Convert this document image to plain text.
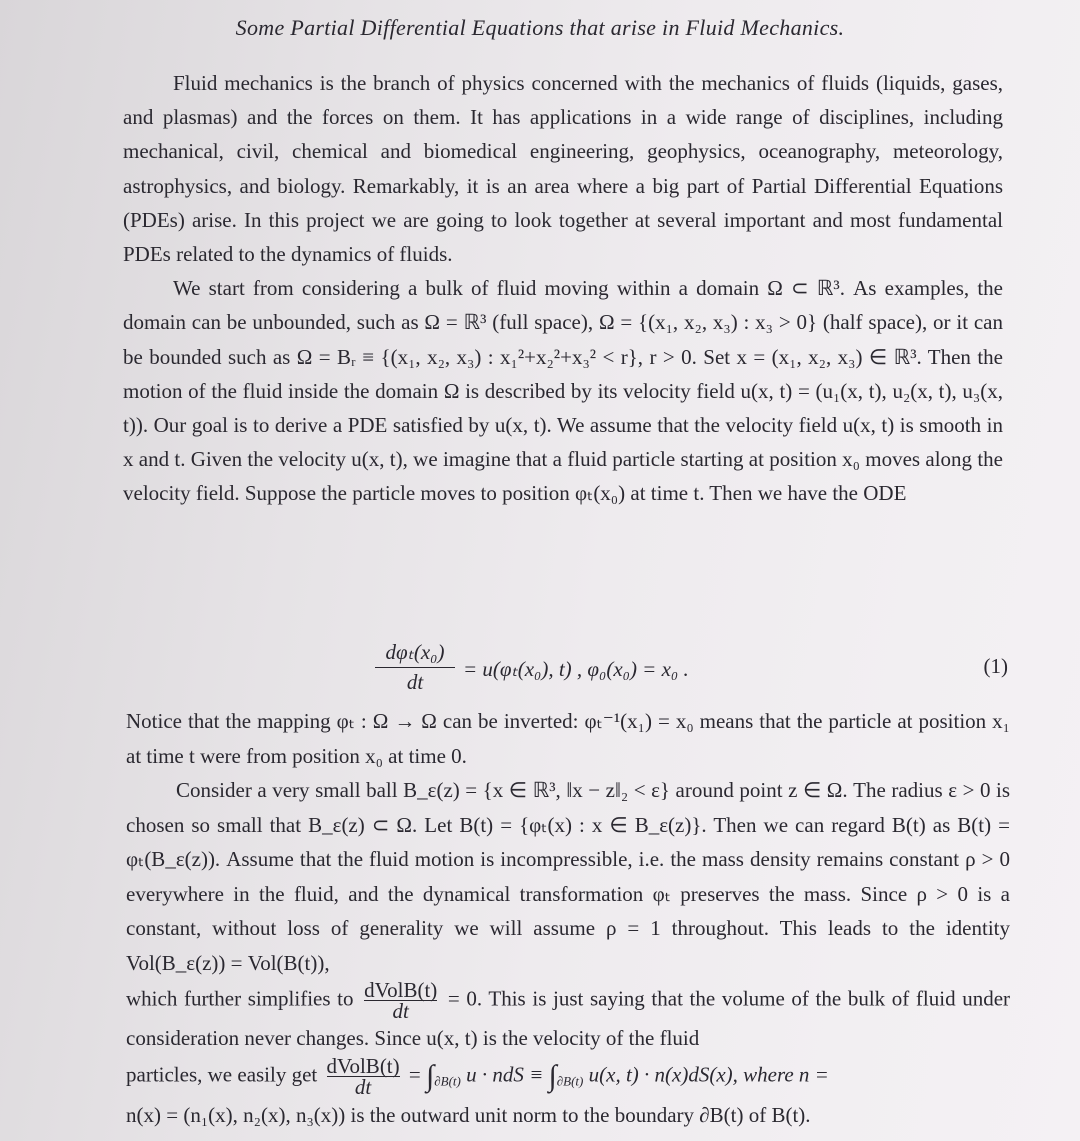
Some Partial Differential Equations that arise in Fluid Mechanics.

Fluid mechanics is the branch of physics concerned with the mechanics of fluids (liquids, gases, and plasmas) and the forces on them. It has applications in a wide range of disciplines, including mechanical, civil, chemical and biomedical engineering, geophysics, oceanography, meteorology, astrophysics, and biology. Remarkably, it is an area where a big part of Partial Differential Equations (PDEs) arise. In this project we are going to look together at several important and most fundamental PDEs related to the dynamics of fluids.

We start from considering a bulk of fluid moving within a domain Ω ⊂ ℝ³. As examples, the domain can be unbounded, such as Ω = ℝ³ (full space), Ω = {(x₁, x₂, x₃) : x₃ > 0} (half space), or it can be bounded such as Ω = Bᵣ ≡ {(x₁, x₂, x₃) : x₁²+x₂²+x₃² < r}, r > 0. Set x = (x₁, x₂, x₃) ∈ ℝ³. Then the motion of the fluid inside the domain Ω is described by its velocity field u(x, t) = (u₁(x, t), u₂(x, t), u₃(x, t)). Our goal is to derive a PDE satisfied by u(x, t). We assume that the velocity field u(x, t) is smooth in x and t. Given the velocity u(x, t), we imagine that a fluid particle starting at position x₀ moves along the velocity field. Suppose the particle moves to position φₜ(x₀) at time t. Then we have the ODE

dφₜ(x₀)
dt
= u(φₜ(x₀), t) , φ₀(x₀) = x₀ .	(1)

Notice that the mapping φₜ : Ω → Ω can be inverted: φₜ⁻¹(x₁) = x₀ means that the particle at position x₁ at time t were from position x₀ at time 0.

Consider a very small ball B_ε(z) = {x ∈ ℝ³, ‖x − z‖₂ < ε} around point z ∈ Ω. The radius ε > 0 is chosen so small that B_ε(z) ⊂ Ω. Let B(t) = {φₜ(x) : x ∈ B_ε(z)}. Then we can regard B(t) as B(t) = φₜ(B_ε(z)). Assume that the fluid motion is incompressible, i.e. the mass density remains constant ρ > 0 everywhere in the fluid, and the dynamical transformation φₜ preserves the mass. Since ρ > 0 is a constant, without loss of generality we will assume ρ = 1 throughout. This leads to the identity Vol(B_ε(z)) = Vol(B(t)),

which further simplifies to $\frac{\text{dVolB(t)}}{dt} = 0$. This is just saying that the volume of the bulk of fluid under consideration never changes. Since u(x, t) is the velocity of the fluid

particles, we easily get $\frac{\text{dVolB(t)}}{dt} = \int_{\partial B(t)}$ u · ndS ≡ $\int_{\partial B(t)}$ u(x, t) · n(x)dS(x), where n =

n(x) = (n₁(x), n₂(x), n₃(x)) is the outward unit norm to the boundary ∂B(t) of B(t).
